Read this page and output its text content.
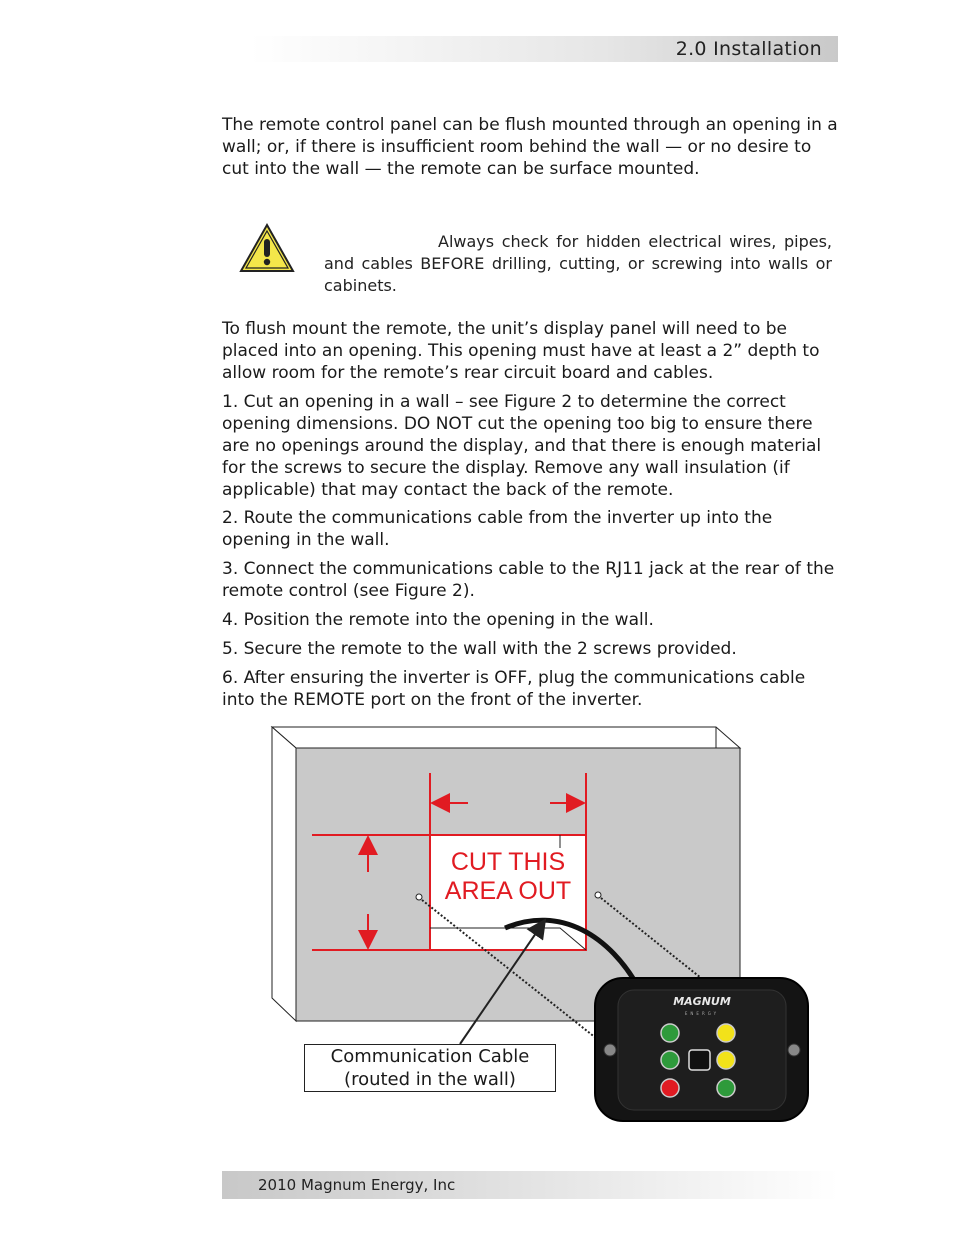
2.0 Installation

The remote control panel can be flush mounted through an opening in a wall; or, if there is insufficient room behind the wall — or no desire to cut into the wall — the remote can be surface mounted.

Always check for hidden electrical wires, pipes, and cables BEFORE drilling, cutting, or screwing into walls or cabinets.

To flush mount the remote, the unit’s display panel will need to be placed into an opening. This opening must have at least a 2” depth to allow room for the remote’s rear circuit board and cables.

1. Cut an opening in a wall – see Figure 2 to determine the correct opening dimensions. DO NOT cut the opening too big to ensure there are no openings around the display, and that there is enough material for the screws to secure the display. Remove any wall insulation (if applicable) that may contact the back of the remote.

2. Route the communications cable from the inverter up into the opening in the wall.

3. Connect the communications cable to the RJ11 jack at the rear of the remote control (see Figure 2).

4. Position the remote into the opening in the wall.

5. Secure the remote to the wall with the 2 screws provided.

6. After ensuring the inverter is OFF, plug the communications cable into the REMOTE port on the front of the inverter.

MAGNUM
ENERGY
CUT THIS
AREA OUT
Communication Cable
(routed in the wall)
2010 Magnum Energy, Inc
